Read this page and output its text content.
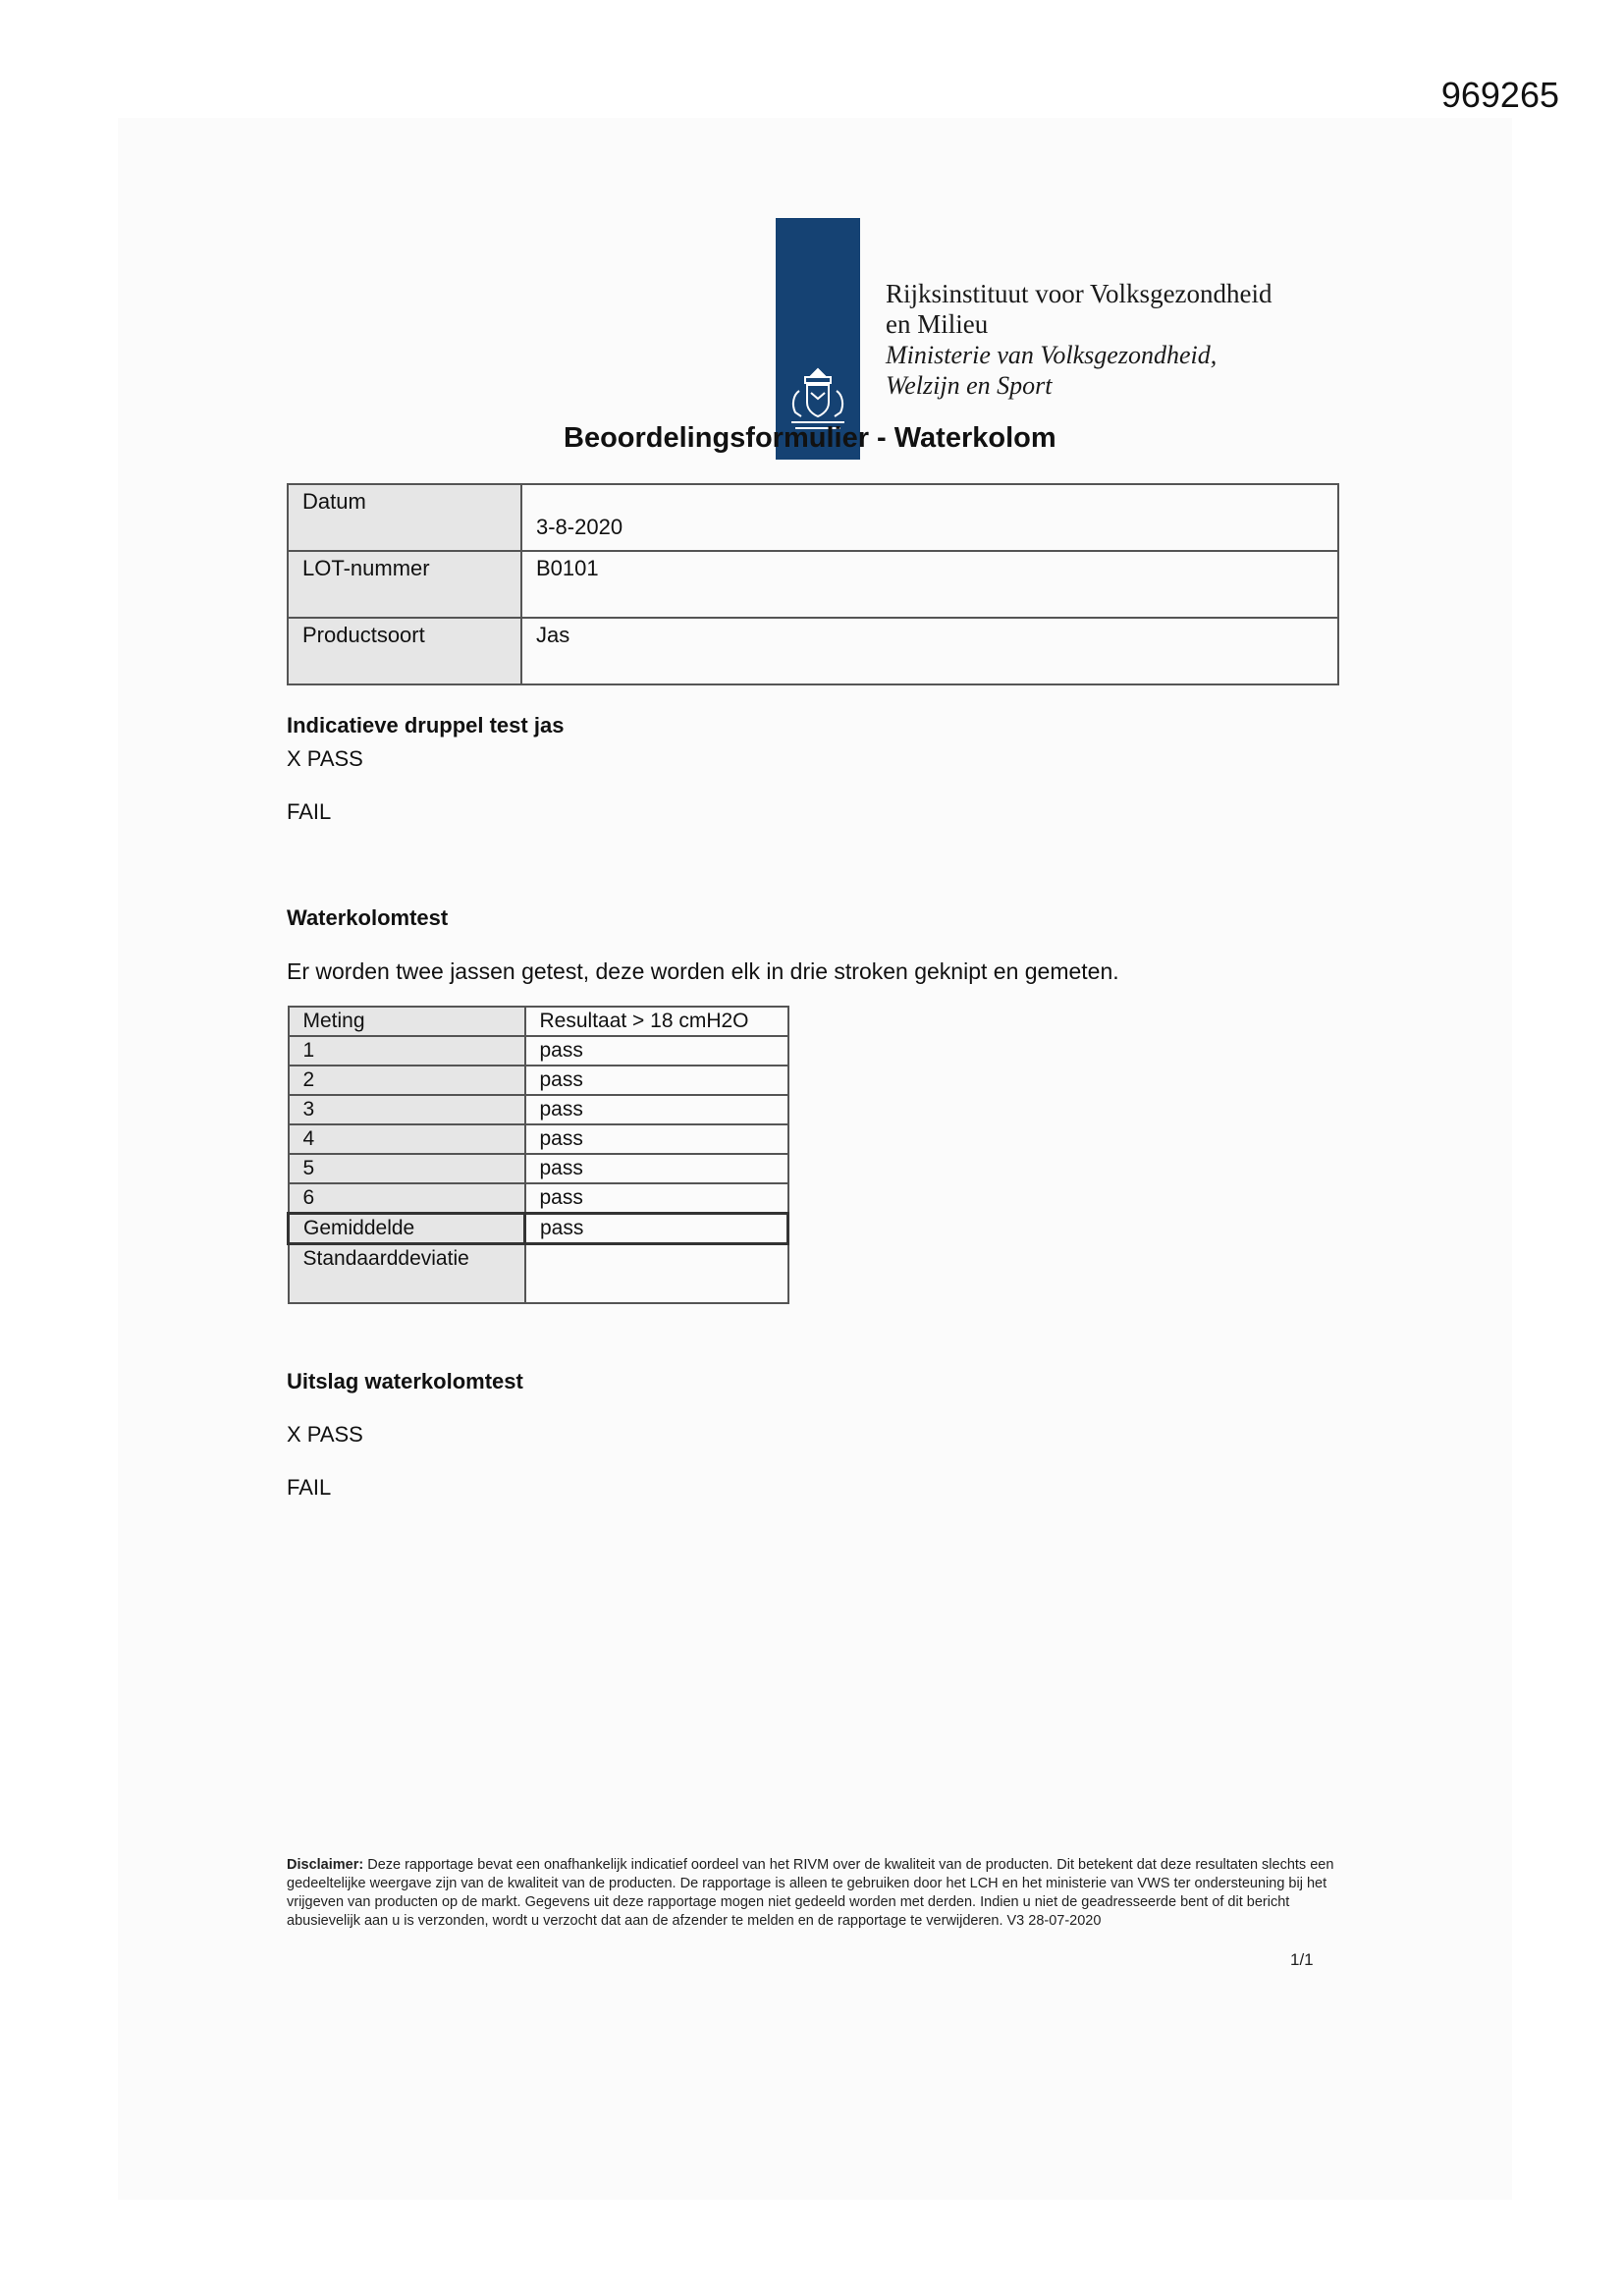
969265
Rijksinstituut voor Volksgezondheid
en Milieu
Ministerie van Volksgezondheid,
Welzijn en Sport
Beoordelingsformulier - Waterkolom
Datum	3-8-2020
LOT-nummer	B0101
Productsoort	Jas
Indicatieve druppel test jas
X PASS
FAIL
Waterkolomtest
Er worden twee jassen getest, deze worden elk in drie stroken geknipt en gemeten.
Meting	Resultaat > 18 cmH2O
1	pass
2	pass
3	pass
4	pass
5	pass
6	pass
Gemiddelde	pass
Standaarddeviatie	
Uitslag waterkolomtest
X PASS
FAIL
Disclaimer: Deze rapportage bevat een onafhankelijk indicatief oordeel van het RIVM over de kwaliteit van de producten. Dit betekent dat deze resultaten slechts een gedeeltelijke weergave zijn van de kwaliteit van de producten. De rapportage is alleen te gebruiken door het LCH en het ministerie van VWS ter ondersteuning bij het vrijgeven van producten op de markt. Gegevens uit deze rapportage mogen niet gedeeld worden met derden. Indien u niet de geadresseerde bent of dit bericht abusievelijk aan u is verzonden, wordt u verzocht dat aan de afzender te melden en de rapportage te verwijderen. V3 28-07-2020
1/1
